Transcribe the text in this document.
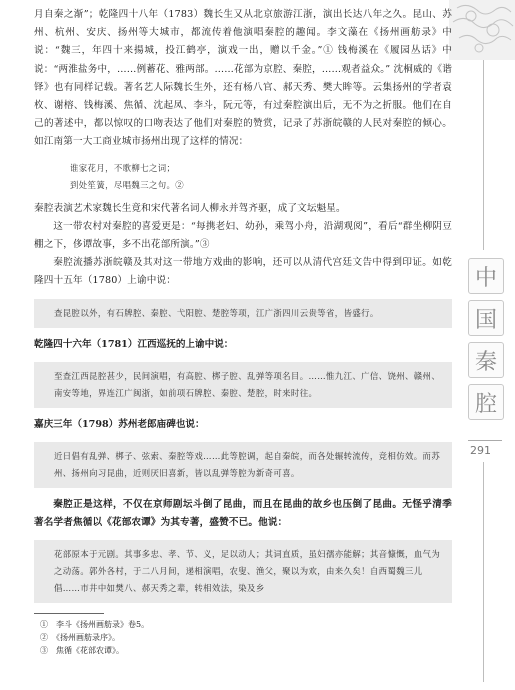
月自秦之渐”；乾隆四十八年（1783）魏长生又从北京旅游江浙，演出长达八年之久。昆山、苏州、杭州、安庆、扬州等大城市，都流传着他演唱秦腔的趣闻。李文藻在《扬州画舫录》中说：“魏三，年四十来揚城，投江鹤亭，演戏一出，赠以千金。”① 钱梅溪在《履园丛话》中说：“两淮盐务中，……例蓄花、雅两部。……花部为京腔、秦腔，……观者益众。” 沈桐威的《谐铎》也有同样记载。著名艺人际魏长生外，还有杨八官、郝天秀、樊大眸等。云集扬州的学者袁枚、谢榕、钱梅溪、焦循、沈起凤、李斗，阮元等，有过秦腔演出后，无不为之折服。他们在自己的著述中，都以惊叹的口吻表达了他们对秦腔的赞赏，记录了苏浙皖赣的人民对秦腔的倾心。如江南第一大工商业城市扬州出现了这样的情况：

谁家花月，不歌柳七之词；

到处笙簧，尽唱魏三之句。②

秦腔表演艺术家魏长生竟和宋代著名词人柳永并驾齐驱，成了文坛魁星。

这一带农村对秦腔的喜爱更是：“每携老妇、幼孙，乘驾小舟，沿湖观阅”，看后“群坐柳阴豆棚之下，侈谭故事，多不出花部所演。”③

秦腔流播苏浙皖赣及其对这一带地方戏曲的影响，还可以从清代宫廷文告中得到印证。如乾隆四十五年（1780）上谕中说：

查昆腔以外，有石牌腔、秦腔、弋阳腔、楚腔等项，江广浙四川云贵等省，皆盛行。

乾隆四十六年（1781）江西巡抚的上谕中说：

至查江西昆腔甚少，民间演唱，有高腔、梆子腔、乱弹等项名目。……惟九江、广信、饶州、赣州、南安等地，界连江广闽浙，如前项石牌腔、秦腔、楚腔，时来时往。

嘉庆三年（1798）苏州老郎庙碑也说：

近日倡有乱弹、梆子、弦索、秦腔等戏……此等腔调，起自秦皖，而各处辗转流传，竞相仿效。而苏州、扬州向习昆曲，近则厌旧喜新，皆以乱弹等腔为新奇可喜。

秦腔正是这样，不仅在京师剧坛斗倒了昆曲，而且在昆曲的故乡也压倒了昆曲。无怪乎清季著名学者焦循以《花部农谭》为其专著，盛赞不已。他说：

花部原本于元剧。其事多忠、孝、节、义，足以动人；其词直质，虽妇孺亦能解；其音慷慨，血气为之动荡。郭外各村，于二八月间，递相演唱，农叟、渔父，聚以为欢，由来久矣！自西蜀魏三儿倡……市井中如樊八、郝天秀之辈，转相效法，染及乡

①　李斗《扬州画舫录》卷5。

②　《扬州画舫录序》。

③　焦循《花部农谭》。

中
国
秦
腔
291
